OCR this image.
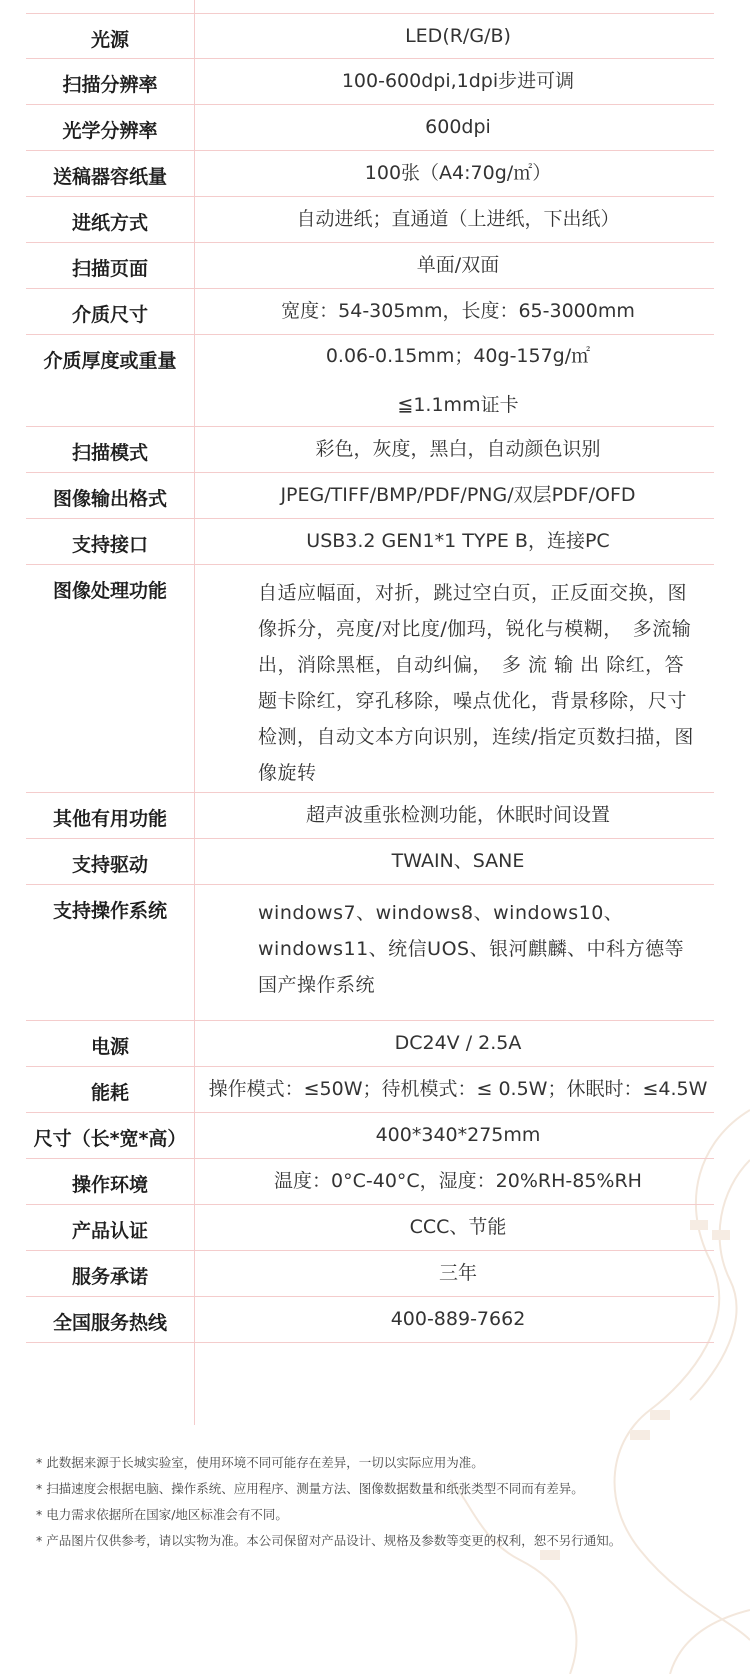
光源	LED(R/G/B)
扫描分辨率	100-600dpi,1dpi步进可调
光学分辨率	600dpi
送稿器容纸量	100张（A4:70g/㎡）
进纸方式	自动进纸；直通道（上进纸，下出纸）
扫描页面	单面/双面
介质尺寸	宽度：54-305mm，长度：65-3000mm
介质厚度或重量	0.06-0.15mm；40g-157g/㎡
≦1.1mm证卡
扫描模式	彩色，灰度，黑白，自动颜色识别
图像输出格式	JPEG/TIFF/BMP/PDF/PNG/双层PDF/OFD
支持接口	USB3.2 GEN1*1 TYPE B，连接PC
图像处理功能	自适应幅面，对折，跳过空白页，正反面交换，图像拆分，亮度/对比度/伽玛，锐化与模糊，　多流输出，消除黑框，自动纠偏，　多 流 输 出 除红，答题卡除红，穿孔移除，噪点优化，背景移除，尺寸检测，自动文本方向识别，连续/指定页数扫描，图像旋转
其他有用功能	超声波重张检测功能，休眠时间设置
支持驱动	TWAIN、SANE
支持操作系统	windows7、windows8、windows10、windows11、统信UOS、银河麒麟、中科方德等国产操作系统
电源	DC24V / 2.5A
能耗	操作模式：≤50W；待机模式：≤ 0.5W；休眠时：≤4.5W
尺寸（长*宽*高）	400*340*275mm
操作环境	温度：0°C-40°C，湿度：20%RH-85%RH
产品认证	CCC、节能
服务承诺	三年
全国服务热线	400-889-7662
* 此数据来源于长城实验室，使用环境不同可能存在差异，一切以实际应用为准。
* 扫描速度会根据电脑、操作系统、应用程序、测量方法、图像数据数量和纸张类型不同而有差异。
* 电力需求依据所在国家/地区标准会有不同。
* 产品图片仅供参考，请以实物为准。本公司保留对产品设计、规格及参数等变更的权利，恕不另行通知。
